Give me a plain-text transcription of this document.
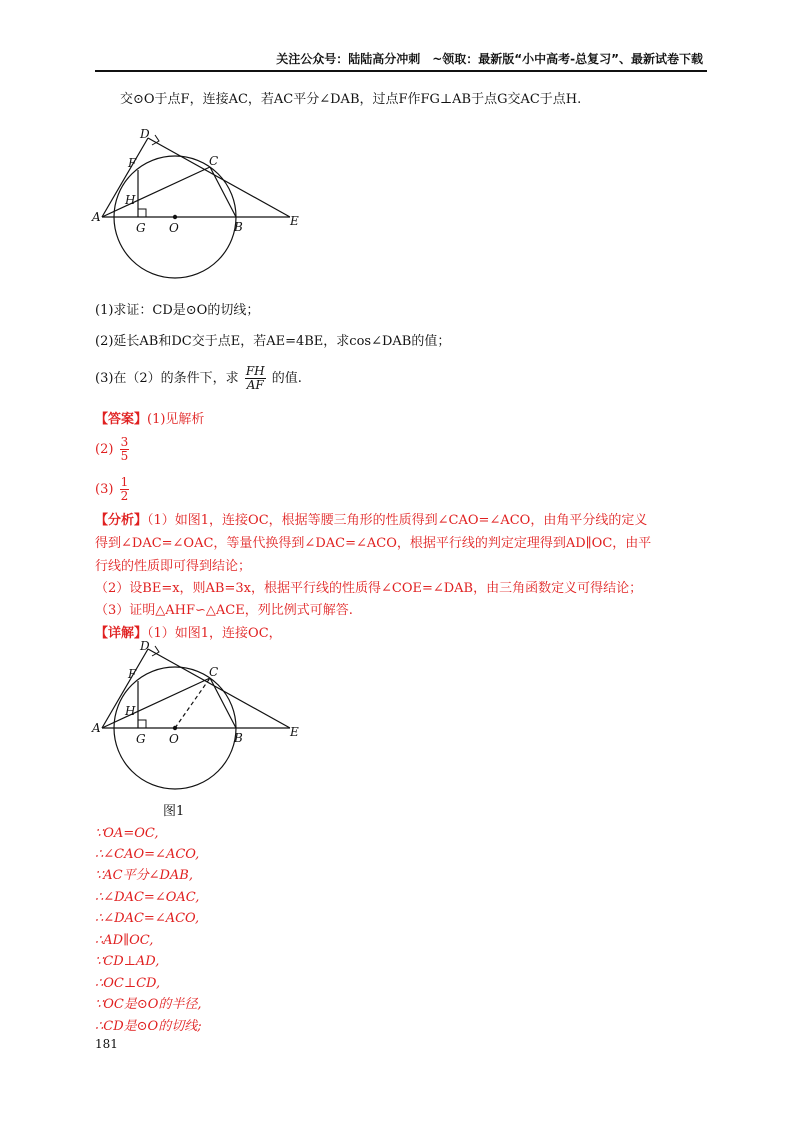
关注公众号：陆陆高分冲刺　~领取：最新版“小中高考-总复习”、最新试卷下载
交⊙O于点F，连接AC，若AC平分∠DAB，过点F作FG⊥AB于点G交AC于点H.
A
B
C
D
E
F
G
H
O
(1)求证：CD是⊙O的切线；
(2)延长AB和DC交于点E，若AE=4BE，求cos∠DAB的值；
(3)在（2）的条件下，求 $\frac{FH}{AF}$ 的值.
【答案】(1)见解析
$(2) \frac{3}{5}$
$(3) \frac{1}{2}$
【分析】（1）如图1，连接OC，根据等腰三角形的性质得到∠CAO=∠ACO，由角平分线的定义
得到∠DAC=∠OAC，等量代换得到∠DAC=∠ACO，根据平行线的判定定理得到AD∥OC，由平
行线的性质即可得到结论；
（2）设BE=x，则AB=3x，根据平行线的性质得∠COE=∠DAB，由三角函数定义可得结论；
（3）证明△AHF∽△ACE，列比例式可解答.
【详解】（1）如图1，连接OC，
A
B
C
D
E
F
G
H
O
图1
∵OA=OC,
∴∠CAO=∠ACO,
∵AC平分∠DAB,
∴∠DAC=∠OAC,
∴∠DAC=∠ACO,
∴AD∥OC,
∵CD⊥AD,
∴OC⊥CD,
∵OC是⊙O的半径,
∴CD是⊙O的切线;
181
